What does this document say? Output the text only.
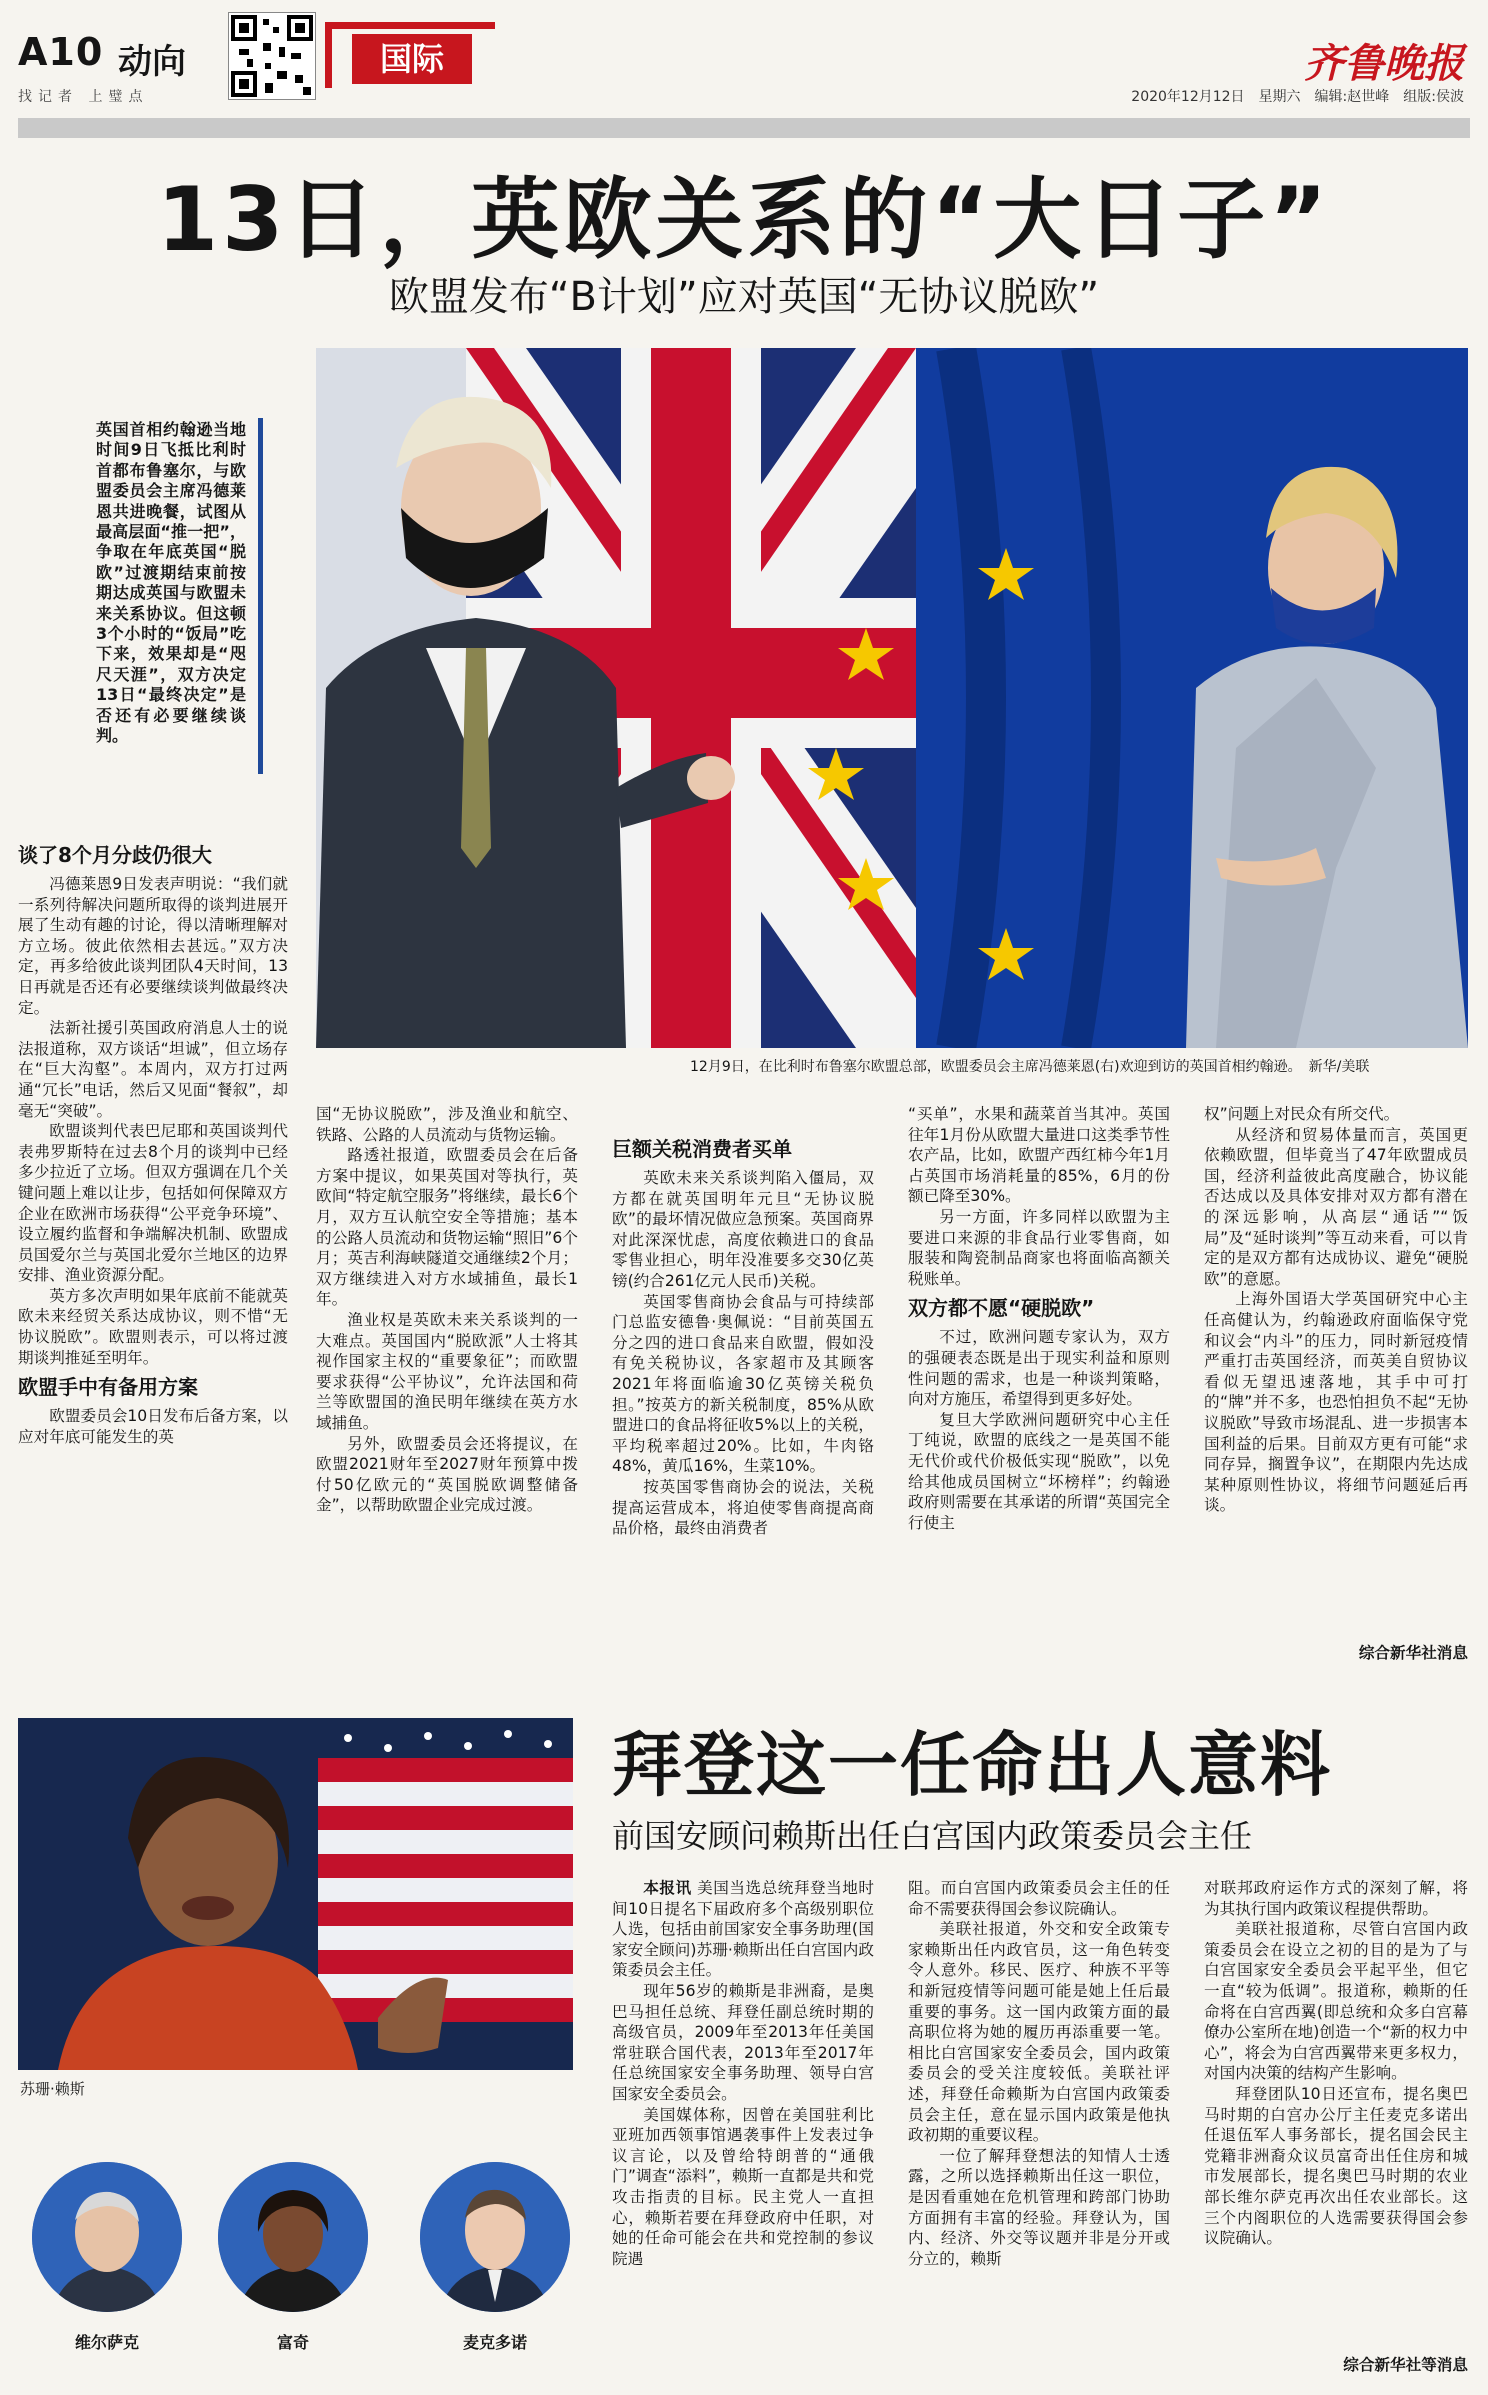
A10 动向
找记者 上璧点
国际	齐鲁晚报
2020年12月12日　星期六　编辑:赵世峰　组版:侯波
13日，英欧关系的“大日子”
欧盟发布“B计划”应对英国“无协议脱欧”
12月9日，在比利时布鲁塞尔欧盟总部，欧盟委员会主席冯德莱恩(右)欢迎到访的英国首相约翰逊。　新华/美联
英国首相约翰逊当地时间9日飞抵比利时首都布鲁塞尔，与欧盟委员会主席冯德莱恩共进晚餐，试图从最高层面“推一把”，争取在年底英国“脱欧”过渡期结束前按期达成英国与欧盟未来关系协议。但这顿3个小时的“饭局”吃下来，效果却是“咫尺天涯”，双方决定13日“最终决定”是否还有必要继续谈判。
谈了8个月分歧仍很大

冯德莱恩9日发表声明说：“我们就一系列待解决问题所取得的谈判进展开展了生动有趣的讨论，得以清晰理解对方立场。彼此依然相去甚远。”双方决定，再多给彼此谈判团队4天时间，13日再就是否还有必要继续谈判做最终决定。

法新社援引英国政府消息人士的说法报道称，双方谈话“坦诚”，但立场存在“巨大沟壑”。本周内，双方打过两通“冗长”电话，然后又见面“餐叙”，却毫无“突破”。

欧盟谈判代表巴尼耶和英国谈判代表弗罗斯特在过去8个月的谈判中已经多少拉近了立场。但双方强调在几个关键问题上难以让步，包括如何保障双方企业在欧洲市场获得“公平竞争环境”、设立履约监督和争端解决机制、欧盟成员国爱尔兰与英国北爱尔兰地区的边界安排、渔业资源分配。

英方多次声明如果年底前不能就英欧未来经贸关系达成协议，则不惜“无协议脱欧”。欧盟则表示，可以将过渡期谈判推延至明年。

欧盟手中有备用方案

欧盟委员会10日发布后备方案，以应对年底可能发生的英

国“无协议脱欧”，涉及渔业和航空、铁路、公路的人员流动与货物运输。

路透社报道，欧盟委员会在后备方案中提议，如果英国对等执行，英欧间“特定航空服务”将继续，最长6个月，双方互认航空安全等措施；基本的公路人员流动和货物运输“照旧”6个月；英吉利海峡隧道交通继续2个月；双方继续进入对方水域捕鱼，最长1年。

渔业权是英欧未来关系谈判的一大难点。英国国内“脱欧派”人士将其视作国家主权的“重要象征”；而欧盟要求获得“公平协议”，允许法国和荷兰等欧盟国的渔民明年继续在英方水域捕鱼。

另外，欧盟委员会还将提议，在欧盟2021财年至2027财年预算中拨付50亿欧元的“英国脱欧调整储备金”，以帮助欧盟企业完成过渡。

巨额关税消费者买单

英欧未来关系谈判陷入僵局，双方都在就英国明年元旦“无协议脱欧”的最坏情况做应急预案。英国商界对此深深忧虑，高度依赖进口的食品零售业担心，明年没准要多交30亿英镑(约合261亿元人民币)关税。

英国零售商协会食品与可持续部门总监安德鲁·奥佩说：“目前英国五分之四的进口食品来自欧盟，假如没有免关税协议，各家超市及其顾客2021年将面临逾30亿英镑关税负担。”按英方的新关税制度，85%从欧盟进口的食品将征收5%以上的关税，平均税率超过20%。比如，牛肉铬48%，黄瓜16%，生菜10%。

按英国零售商协会的说法，关税提高运营成本，将迫使零售商提高商品价格，最终由消费者

“买单”，水果和蔬菜首当其冲。英国往年1月份从欧盟大量进口这类季节性农产品，比如，欧盟产西红柿今年1月占英国市场消耗量的85%，6月的份额已降至30%。

另一方面，许多同样以欧盟为主要进口来源的非食品行业零售商，如服装和陶瓷制品商家也将面临高额关税账单。

双方都不愿“硬脱欧”

不过，欧洲问题专家认为，双方的强硬表态既是出于现实利益和原则性问题的需求，也是一种谈判策略，向对方施压，希望得到更多好处。

复旦大学欧洲问题研究中心主任丁纯说，欧盟的底线之一是英国不能无代价或代价极低实现“脱欧”，以免给其他成员国树立“坏榜样”；约翰逊政府则需要在其承诺的所谓“英国完全行使主

权”问题上对民众有所交代。

从经济和贸易体量而言，英国更依赖欧盟，但毕竟当了47年欧盟成员国，经济利益彼此高度融合，协议能否达成以及具体安排对双方都有潜在的深远影响，从高层“通话”“饭局”及“延时谈判”等互动来看，可以肯定的是双方都有达成协议、避免“硬脱欧”的意愿。

上海外国语大学英国研究中心主任高健认为，约翰逊政府面临保守党和议会“内斗”的压力，同时新冠疫情严重打击英国经济，而英美自贸协议看似无望迅速落地，其手中可打的“牌”并不多，也恐怕担负不起“无协议脱欧”导致市场混乱、进一步损害本国利益的后果。目前双方更有可能“求同存异，搁置争议”，在期限内先达成某种原则性协议，将细节问题延后再谈。

综合新华社消息
苏珊·赖斯
维尔萨克	富奇	麦克多诺
拜登这一任命出人意料
前国安顾问赖斯出任白宫国内政策委员会主任

本报讯 美国当选总统拜登当地时间10日提名下届政府多个高级别职位人选，包括由前国家安全事务助理(国家安全顾问)苏珊·赖斯出任白宫国内政策委员会主任。

现年56岁的赖斯是非洲裔，是奥巴马担任总统、拜登任副总统时期的高级官员，2009年至2013年任美国常驻联合国代表，2013年至2017年任总统国家安全事务助理、领导白宫国家安全委员会。

美国媒体称，因曾在美国驻利比亚班加西领事馆遇袭事件上发表过争议言论，以及曾给特朗普的“通俄门”调查“添料”，赖斯一直都是共和党攻击指责的目标。民主党人一直担心，赖斯若要在拜登政府中任职，对她的任命可能会在共和党控制的参议院遇

阻。而白宫国内政策委员会主任的任命不需要获得国会参议院确认。

美联社报道，外交和安全政策专家赖斯出任内政官员，这一角色转变令人意外。移民、医疗、种族不平等和新冠疫情等问题可能是她上任后最重要的事务。这一国内政策方面的最高职位将为她的履历再添重要一笔。相比白宫国家安全委员会，国内政策委员会的受关注度较低。美联社评述，拜登任命赖斯为白宫国内政策委员会主任，意在显示国内政策是他执政初期的重要议程。

一位了解拜登想法的知情人士透露，之所以选择赖斯出任这一职位，是因看重她在危机管理和跨部门协助方面拥有丰富的经验。拜登认为，国内、经济、外交等议题并非是分开或分立的，赖斯

对联邦政府运作方式的深刻了解，将为其执行国内政策议程提供帮助。

美联社报道称，尽管白宫国内政策委员会在设立之初的目的是为了与白宫国家安全委员会平起平坐，但它一直“较为低调”。报道称，赖斯的任命将在白宫西翼(即总统和众多白宫幕僚办公室所在地)创造一个“新的权力中心”，将会为白宫西翼带来更多权力，对国内决策的结构产生影响。

拜登团队10日还宣布，提名奥巴马时期的白宫办公厅主任麦克多诺出任退伍军人事务部长，提名国会民主党籍非洲裔众议员富奇出任住房和城市发展部长，提名奥巴马时期的农业部长维尔萨克再次出任农业部长。这三个内阁职位的人选需要获得国会参议院确认。

综合新华社等消息
